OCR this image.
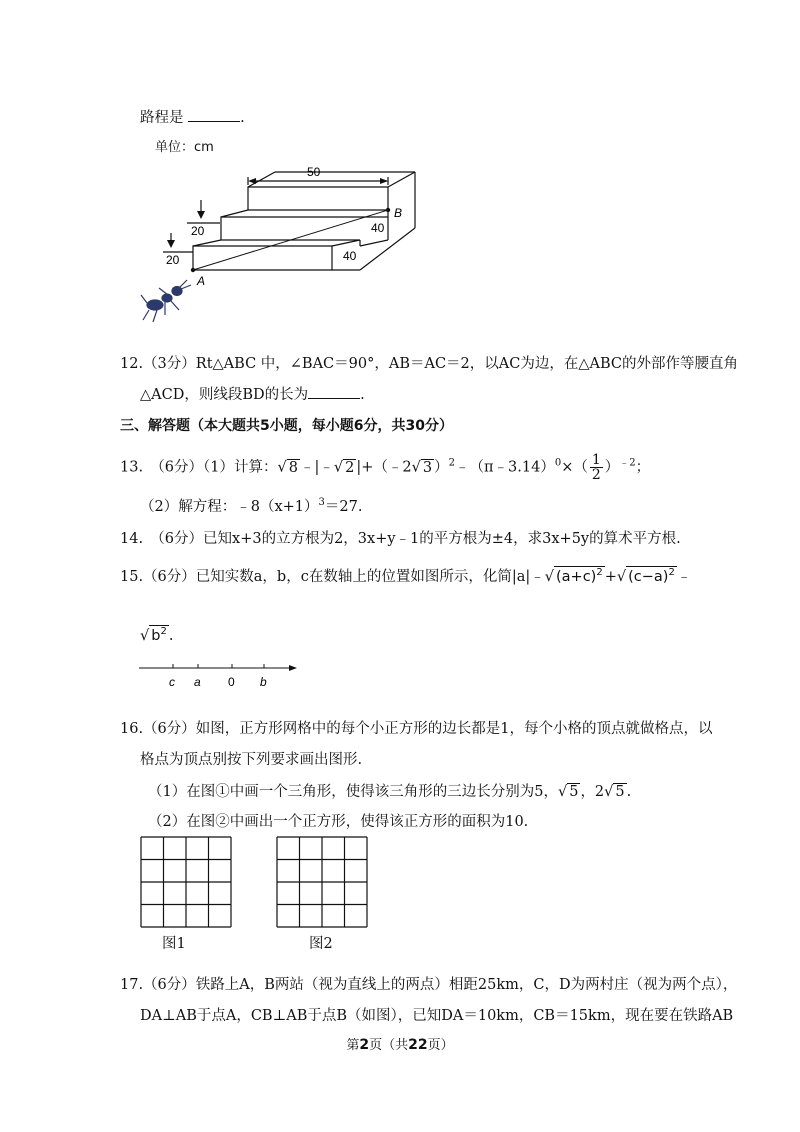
路程是	.
单位：cm
50
20
20
40
40
A
B
12.（3分）Rt△ABC 中，∠BAC＝90°，AB＝AC＝2，以AC为边，在△ABC的外部作等腰直角
△ACD，则线段BD的长为	.
三、解答题（本大题共5小题，每小题6分，共30分）
13.　（6分）（1）计算：√ 8 ﹣|﹣√ 2 |+（﹣2√ 3 ）$^2$﹣（π﹣3.14）$^0$×（ $\frac{1}{2} )^{﹣2}$；
（2）解方程：$﹣8(x+1)^3=27$.
14.　（6分）已知x+3的立方根为2，3x+y﹣1的平方根为±4，求3x+5y的算术平方根.
15.（6分）已知实数a，b，c在数轴上的位置如图所示，化简|a|﹣√ $(a+c)^2$ +√ $(c-a)^2$ ﹣
√ $b^2$ .
c a 0 b
16.（6分）如图，正方形网格中的每个小正方形的边长都是1，每个小格的顶点就做格点，以
格点为顶点别按下列要求画出图形.
（1）在图①中画一个三角形，使得该三角形的三边长分别为5，√ 5 ，2√ 5 .
（2）在图②中画出一个正方形，使得该正方形的面积为10.
图1	图2
17.（6分）铁路上A，B两站（视为直线上的两点）相距25km，C，D为两村庄（视为两个点），
DA⊥AB于点A，CB⊥AB于点B（如图），已知DA＝10km，CB＝15km，现在要在铁路AB
第2页（共22页）
